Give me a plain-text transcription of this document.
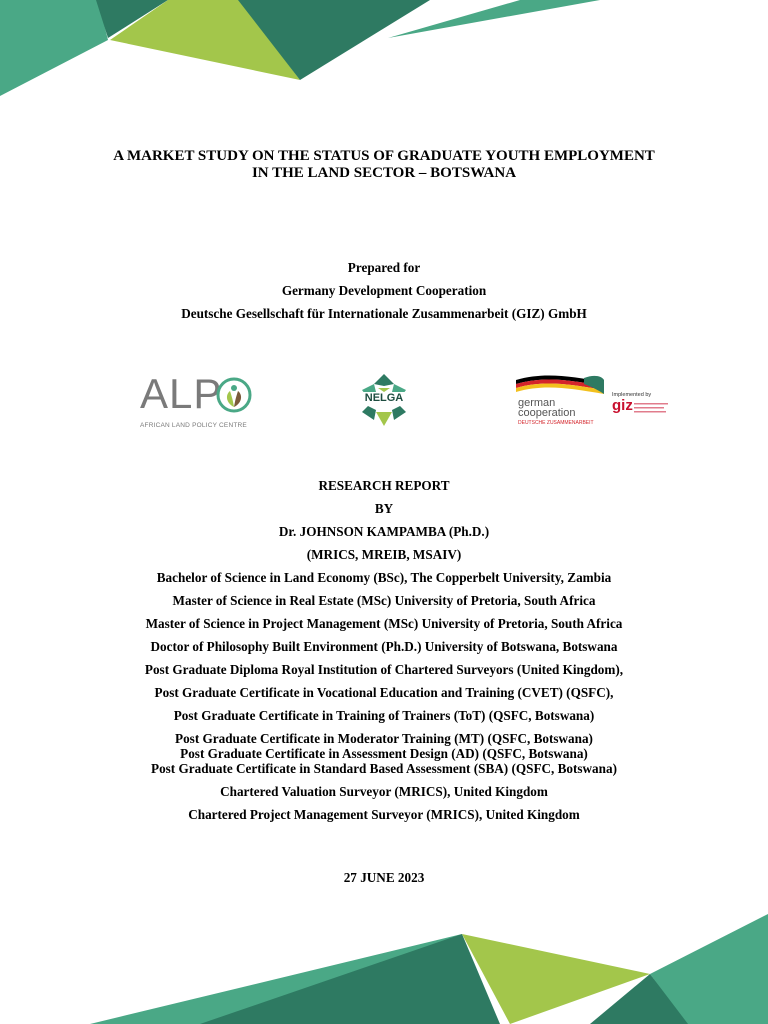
A MARKET STUDY ON THE STATUS OF GRADUATE YOUTH EMPLOYMENT
IN THE LAND SECTOR – BOTSWANA
Prepared for
Germany Development Cooperation
Deutsche Gesellschaft für Internationale Zusammenarbeit (GIZ) GmbH
ALP
AFRICAN LAND POLICY CENTRE
NELGA	german
cooperation
DEUTSCHE ZUSAMMENARBEIT
Implemented by
giz
RESEARCH REPORT
BY
Dr. JOHNSON KAMPAMBA (Ph.D.)
(MRICS, MREIB, MSAIV)
Bachelor of Science in Land Economy (BSc), The Copperbelt University, Zambia
Master of Science in Real Estate (MSc) University of Pretoria, South Africa
Master of Science in Project Management (MSc) University of Pretoria, South Africa
Doctor of Philosophy Built Environment (Ph.D.) University of Botswana, Botswana
Post Graduate Diploma Royal Institution of Chartered Surveyors (United Kingdom),
Post Graduate Certificate in Vocational Education and Training (CVET) (QSFC),
Post Graduate Certificate in Training of Trainers (ToT) (QSFC, Botswana)
Post Graduate Certificate in Moderator Training (MT) (QSFC, Botswana)
Post Graduate Certificate in Assessment Design (AD) (QSFC, Botswana)
Post Graduate Certificate in Standard Based Assessment (SBA) (QSFC, Botswana)
Chartered Valuation Surveyor (MRICS), United Kingdom
Chartered Project Management Surveyor (MRICS), United Kingdom
27 JUNE 2023
